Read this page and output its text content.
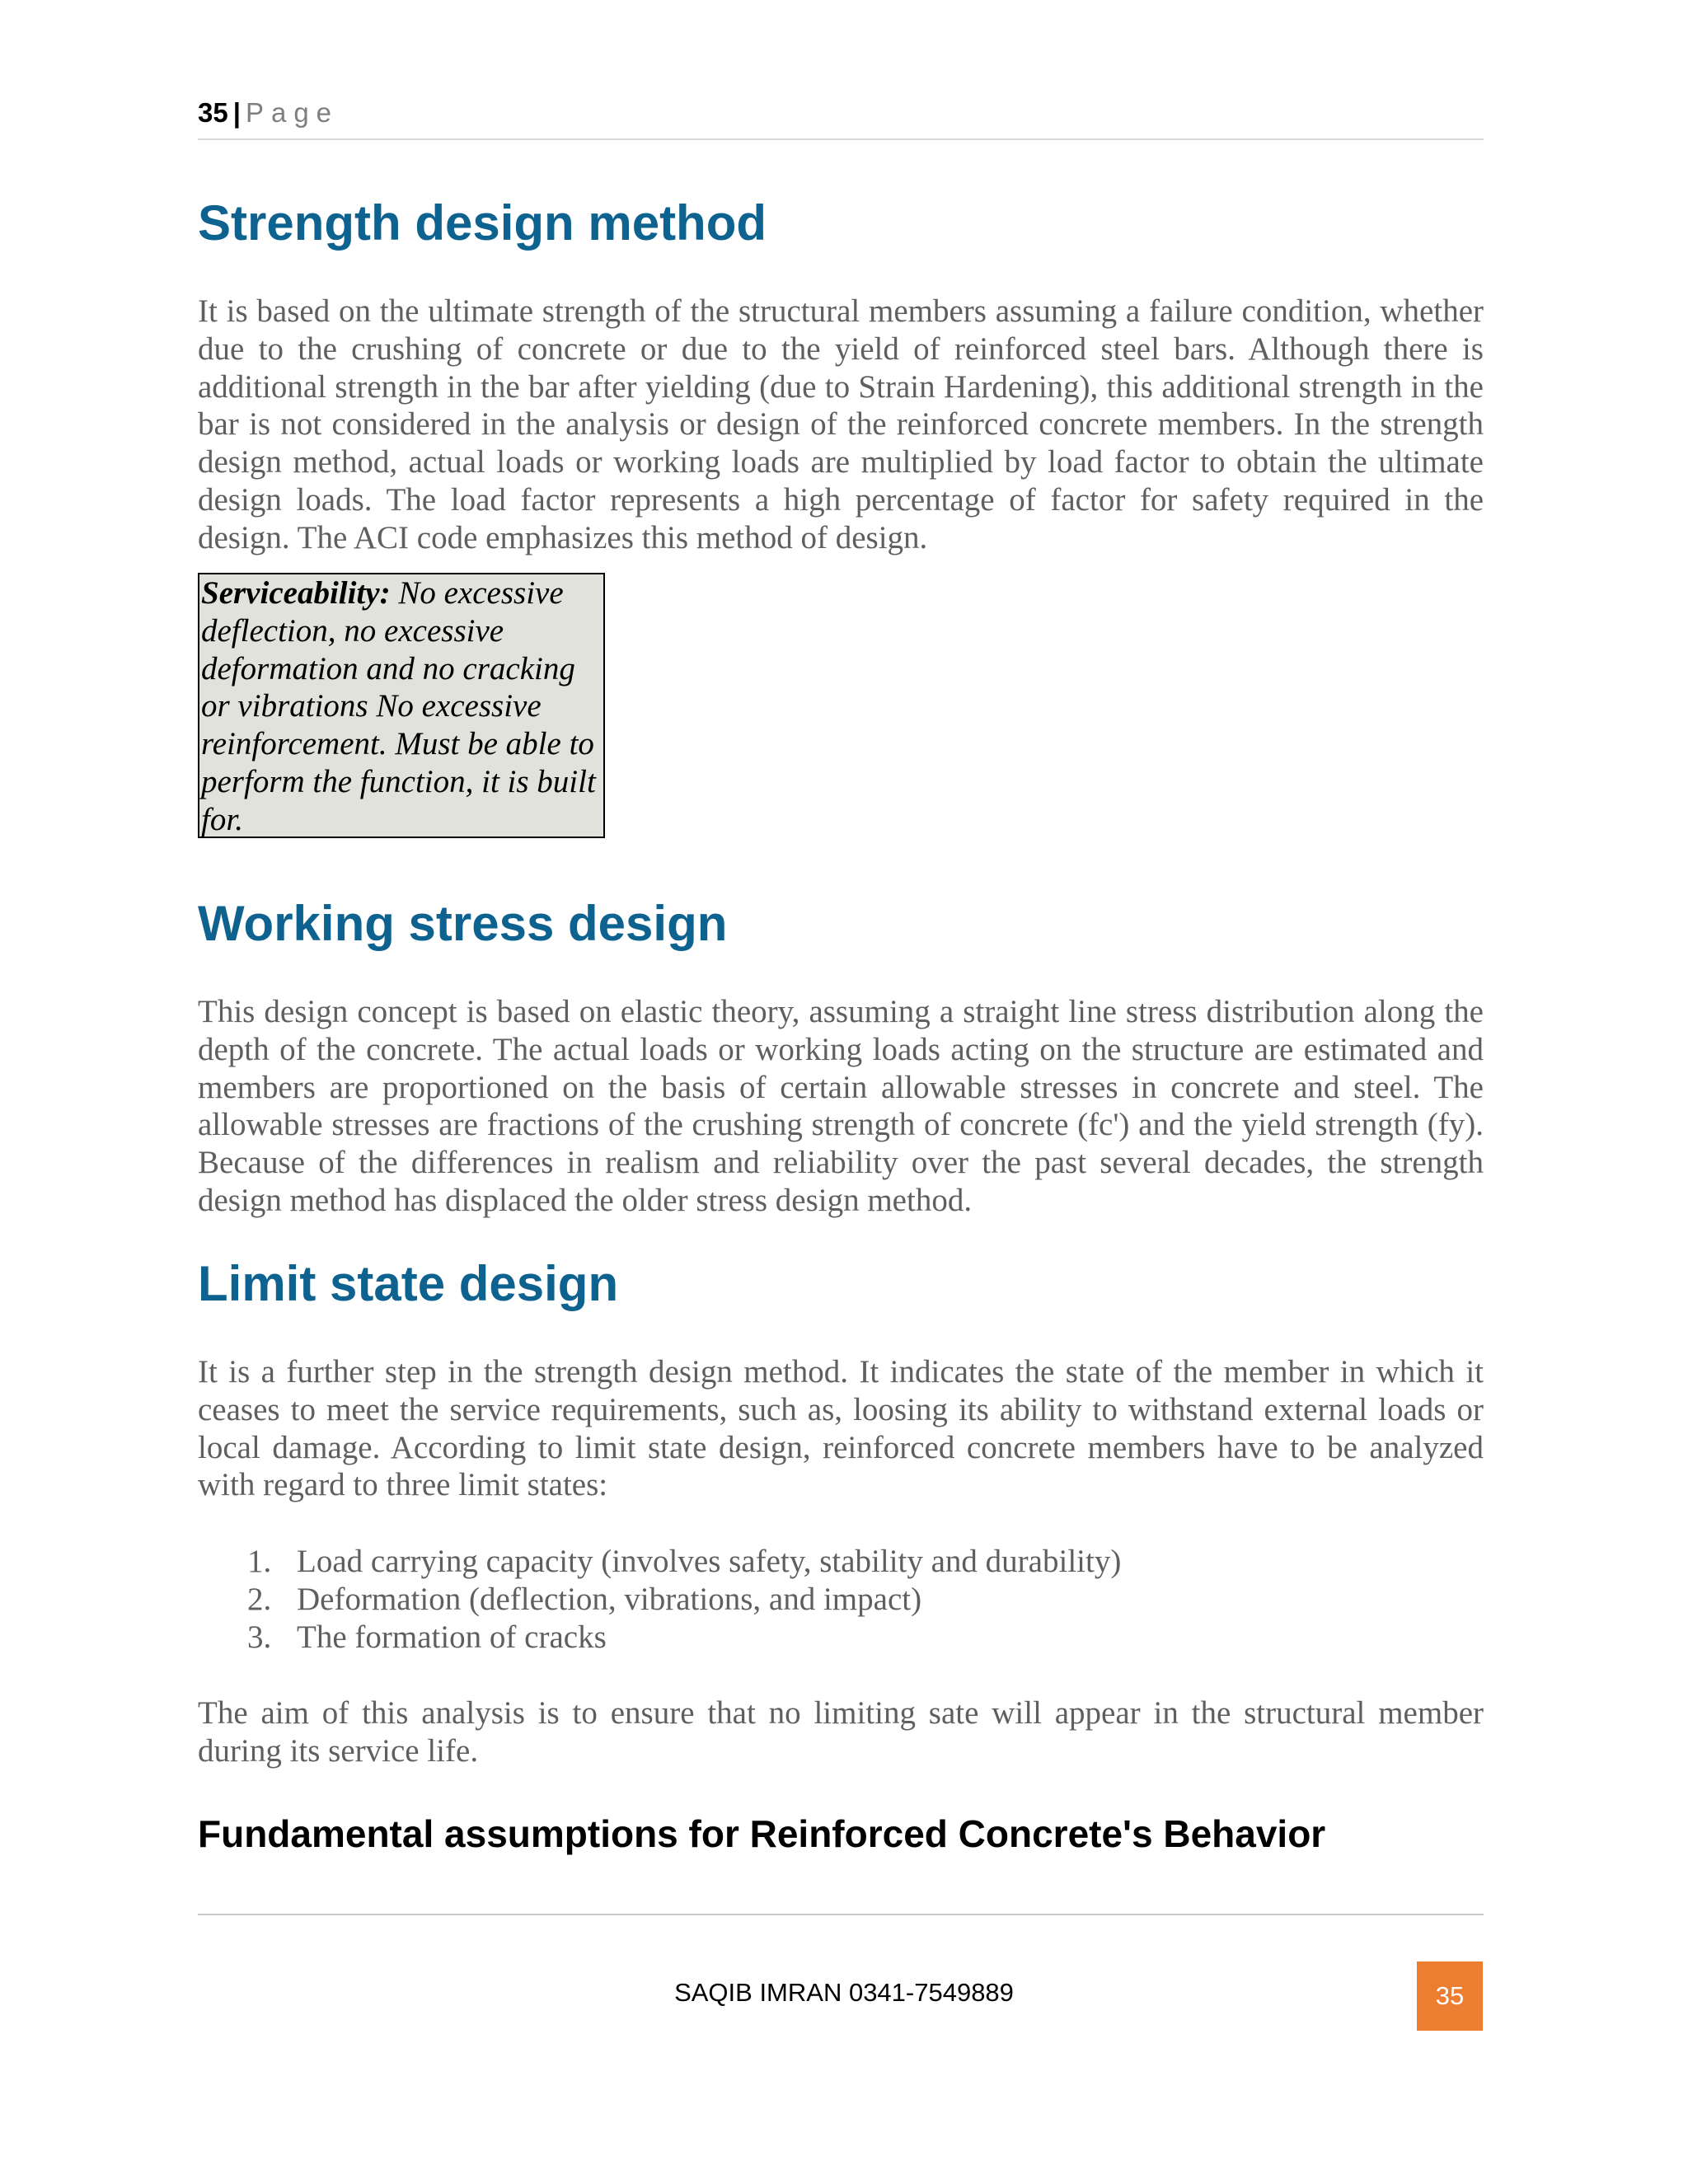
35 | Page
Strength design method

It is based on the ultimate strength of the structural members assuming a failure condition, whether due to the crushing of concrete or due to the yield of reinforced steel bars. Although there is additional strength in the bar after yielding (due to Strain Hardening), this additional strength in the bar is not considered in the analysis or design of the reinforced concrete members. In the strength design method, actual loads or working loads are multiplied by load factor to obtain the ultimate design loads. The load factor represents a high percentage of factor for safety required in the design. The ACI code emphasizes this method of design.

Serviceability: No excessive deflection, no excessive deformation and no cracking or vibrations No excessive reinforcement. Must be able to perform the function, it is built for.
Working stress design

This design concept is based on elastic theory, assuming a straight line stress distribution along the depth of the concrete. The actual loads or working loads acting on the structure are estimated and members are proportioned on the basis of certain allowable stresses in concrete and steel. The allowable stresses are fractions of the crushing strength of concrete (fc') and the yield strength (fy). Because of the differences in realism and reliability over the past several decades, the strength design method has displaced the older stress design method.

Limit state design

It is a further step in the strength design method. It indicates the state of the member in which it ceases to meet the service requirements, such as, loosing its ability to withstand external loads or local damage. According to limit state design, reinforced concrete members have to be analyzed with regard to three limit states:

1. Load carrying capacity (involves safety, stability and durability)
2. Deformation (deflection, vibrations, and impact)
3. The formation of cracks

The aim of this analysis is to ensure that no limiting sate will appear in the structural member during its service life.

Fundamental assumptions for Reinforced Concrete's Behavior
SAQIB IMRAN 0341-7549889	35
